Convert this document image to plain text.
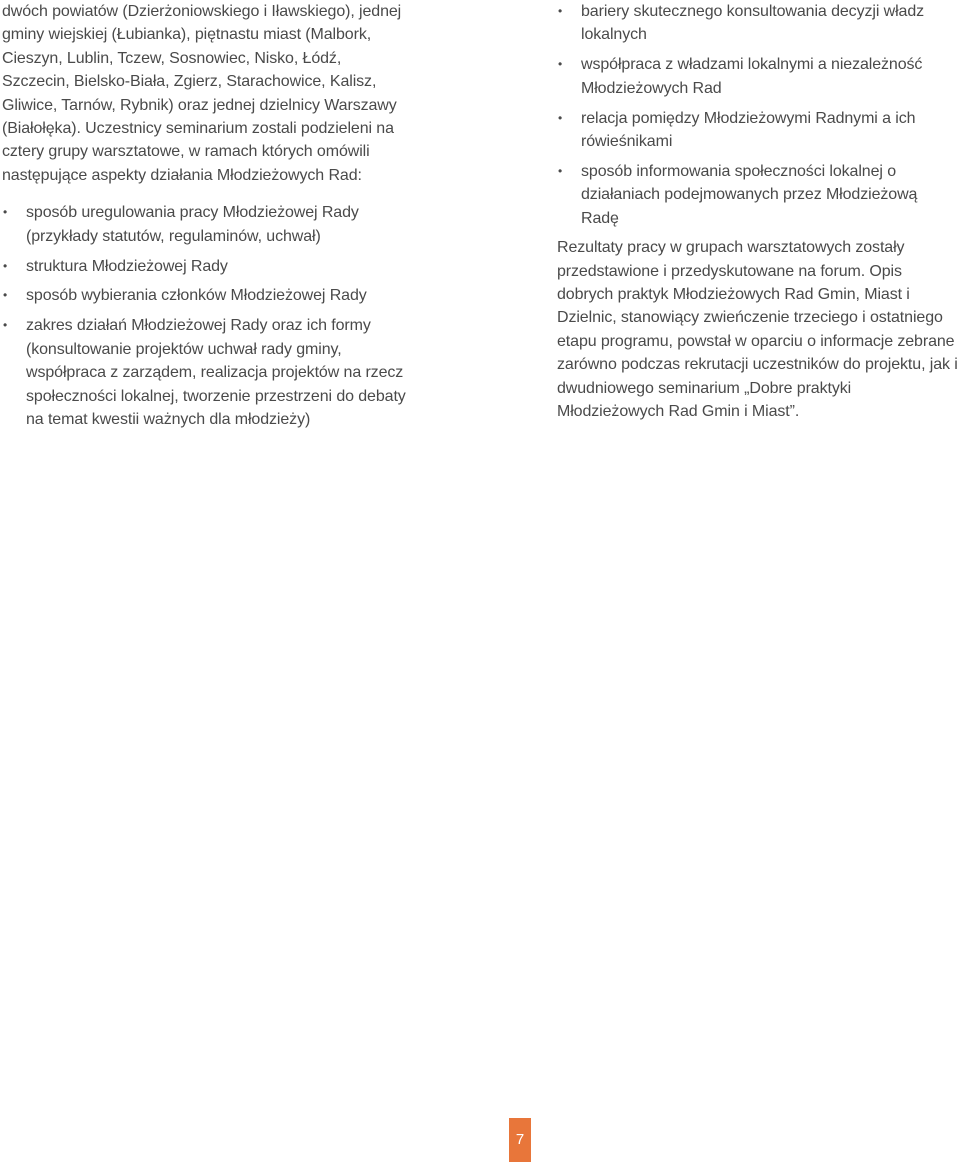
dwóch powiatów (Dzierżoniowskiego i Iławskiego), jednej gminy wiejskiej (Łubianka), piętnastu miast (Malbork, Cieszyn, Lublin, Tczew, Sosnowiec, Nisko, Łódź, Szczecin, Bielsko-Biała, Zgierz, Starachowice, Kalisz, Gliwice, Tarnów, Rybnik) oraz jednej dzielnicy Warszawy (Białołęka). Uczestnicy seminarium zostali podzieleni na cztery grupy warsztatowe, w ramach których omówili następujące aspekty działania Młodzieżowych Rad:

• sposób uregulowania pracy Młodzieżowej Rady (przykłady statutów, regulaminów, uchwał)
• struktura Młodzieżowej Rady
• sposób wybierania członków Młodzieżowej Rady
• zakres działań Młodzieżowej Rady oraz ich formy (konsultowanie projektów uchwał rady gminy, współpraca z zarządem, realizacja projektów na rzecz społeczności lokalnej, tworzenie przestrzeni do debaty na temat kwestii ważnych dla młodzieży)
• bariery skutecznego konsultowania decyzji władz lokalnych
• współpraca z władzami lokalnymi a niezależność Młodzieżowych Rad
• relacja pomiędzy Młodzieżowymi Radnymi a ich rówieśnikami
• sposób informowania społeczności lokalnej o działaniach podejmowanych przez Młodzieżową Radę

Rezultaty pracy w grupach warsztatowych zostały przedstawione i przedyskutowane na forum. Opis dobrych praktyk Młodzieżowych Rad Gmin, Miast i Dzielnic, stanowiący zwieńczenie trzeciego i ostatniego etapu programu, powstał w oparciu o informacje zebrane zarówno podczas rekrutacji uczestników do projektu, jak i dwudniowego seminarium „Dobre praktyki Młodzieżowych Rad Gmin i Miast”.

7
